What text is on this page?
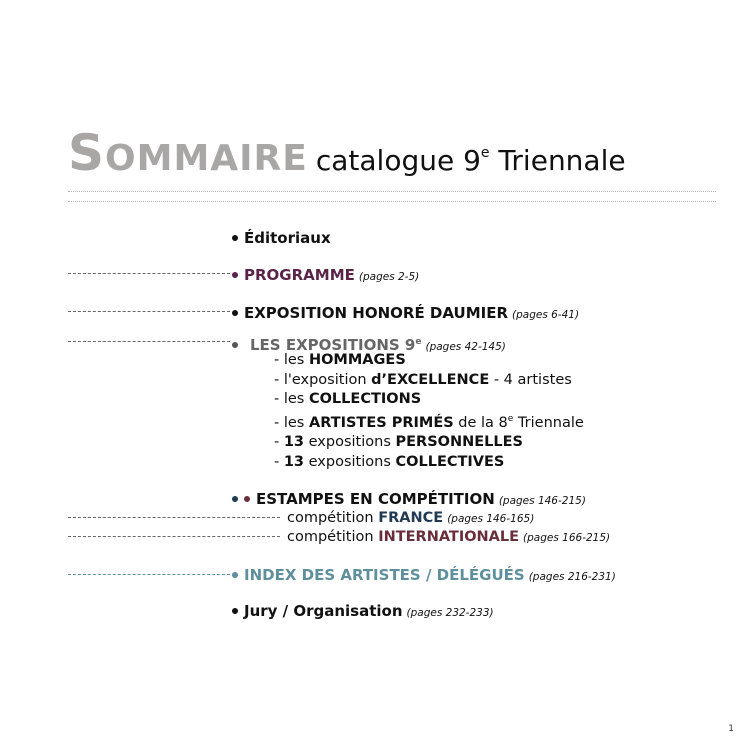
SOMMAIRE catalogue 9e Triennale
Éditoriaux
PROGRAMME (pages 2-5)
EXPOSITION HONORÉ DAUMIER (pages 6-41)
LES EXPOSITIONS 9e (pages 42-145)
- les HOMMAGES
- l'exposition d’EXCELLENCE - 4 artistes
- les COLLECTIONS
- les ARTISTES PRIMÉS de la 8e Triennale
- 13 expositions PERSONNELLES
- 13 expositions COLLECTIVES
ESTAMPES EN COMPÉTITION (pages 146-215)
compétition FRANCE (pages 146-165)
compétition INTERNATIONALE (pages 166-215)
INDEX DES ARTISTES / DÉLÉGUÉS (pages 216-231)
Jury / Organisation (pages 232-233)
1
